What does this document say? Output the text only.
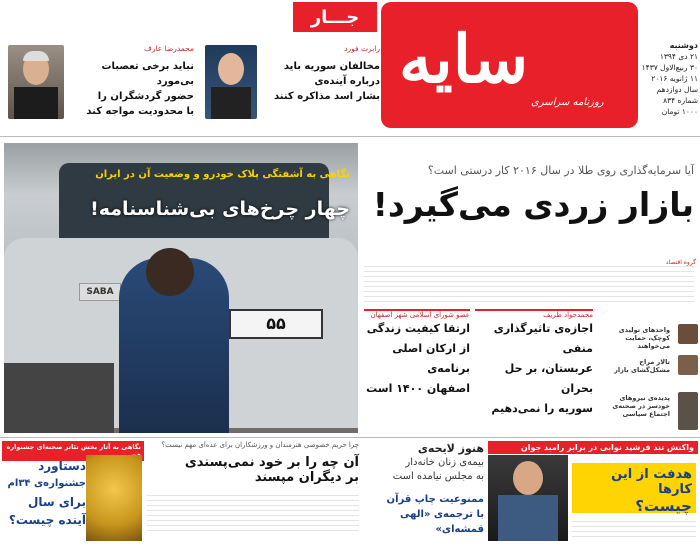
سایه
روزنامه سراسری
جـــار
دوشنبه
۲۱ دی ۱۳۹۴
۳۰ ربیع‌الاول ۱۴۳۷
۱۱ ژانویه ۲۰۱۶
سال دوازدهم
شماره ۸۳۴
۱۰۰۰ تومان
رابرت فورد
مخالفان سوریه باید
درباره آینده‌ی
بشار اسد مذاکره کنند
محمدرضا عارف
نباید برخی تعصبات بی‌مورد
حضور گردشگران را
با محدودیت مواجه کند
SABA
۵۵
نگاهی به آشفتگی پلاک خودرو و وضعیت آن در ایران
چهار چرخ‌های بی‌شناسنامه!
آیا سرمایه‌گذاری روی طلا در سال ۲۰۱۶ کار درستی است؟
بازار زردی می‌گیرد!
گروه اقتصاد
محمدجواد ظریف
اجازه‌ی تاثیرگذاری منفی
عربستان، بر حل بحران
سوریه را نمی‌دهیم
عضو شورای اسلامی شهر اصفهان
ارتقا کیفیت زندگی
از ارکان اصلی برنامه‌ی
اصفهان ۱۴۰۰ است
واحدهای تولیدی کوچک، حمایت می‌خواهند
تالار مراح مشکل‌گشای بازار
پدیده‌ی نیروهای خودسر در صحنه‌ی اجتماع سیاسی
واکنش تند فرشید نوابی در برابر رامبد جوان
هدفت از این کارها
چیست؟
هنوز لایحه‌ی
بیمه‌ی زنان خانه‌دار
به مجلس نیامده است
ممنوعیت چاپ قرآن
با ترجمه‌ی «الهی قمشه‌ای»
چرا حریم خصوصی هنرمندان و ورزشکاران برای عده‌ای مهم نیست؟
آن چه را بر خود نمی‌پسندی
بر دیگران مپسند
نگاهی به آثار بخش تئاتر صحنه‌ای جشنواره
دستاورد
جشنواره‌ی ۳۴ام
برای سال
آینده چیست؟
